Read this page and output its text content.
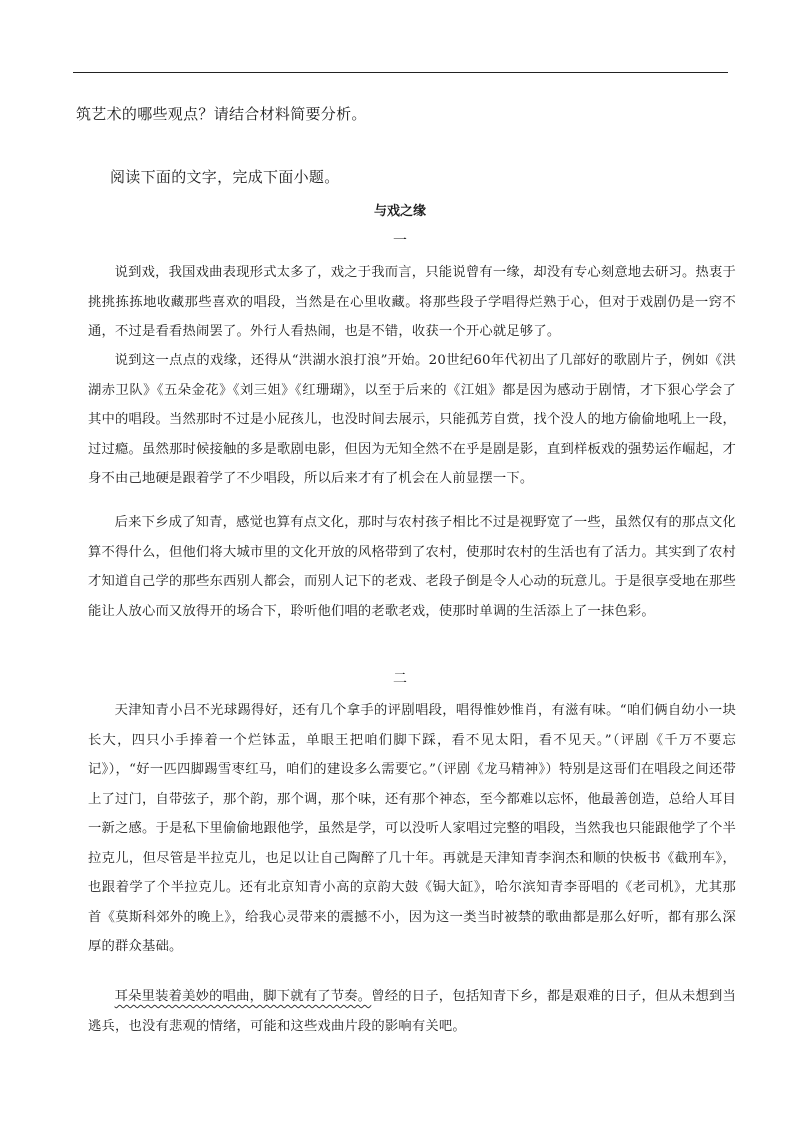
筑艺术的哪些观点？请结合材料简要分析。
阅读下面的文字，完成下面小题。
与戏之缘
一

说到戏，我国戏曲表现形式太多了，戏之于我而言，只能说曾有一缘，却没有专心刻意地去研习。热衷于挑挑拣拣地收藏那些喜欢的唱段，当然是在心里收藏。将那些段子学唱得烂熟于心，但对于戏剧仍是一窍不通，不过是看看热闹罢了。外行人看热闹，也是不错，收获一个开心就足够了。

说到这一点点的戏缘，还得从“洪湖水浪打浪”开始。20世纪60年代初出了几部好的歌剧片子，例如《洪湖赤卫队》《五朵金花》《刘三姐》《红珊瑚》，以至于后来的《江姐》都是因为感动于剧情，才下狠心学会了其中的唱段。当然那时不过是小屁孩儿，也没时间去展示，只能孤芳自赏，找个没人的地方偷偷地吼上一段，过过瘾。虽然那时候接触的多是歌剧电影，但因为无知全然不在乎是剧是影，直到样板戏的强势运作崛起，才身不由己地硬是跟着学了不少唱段，所以后来才有了机会在人前显摆一下。

后来下乡成了知青，感觉也算有点文化，那时与农村孩子相比不过是视野宽了一些，虽然仅有的那点文化算不得什么，但他们将大城市里的文化开放的风格带到了农村，使那时农村的生活也有了活力。其实到了农村才知道自己学的那些东西别人都会，而别人记下的老戏、老段子倒是令人心动的玩意儿。于是很享受地在那些能让人放心而又放得开的场合下，聆听他们唱的老歌老戏，使那时单调的生活添上了一抹色彩。

二

天津知青小吕不光球踢得好，还有几个拿手的评剧唱段，唱得惟妙惟肖，有滋有味。“咱们俩自幼小一块长大，四只小手捧着一个烂钵盂，单眼王把咱们脚下踩，看不见太阳，看不见天。”（评剧《千万不要忘记》），“好一匹四脚踢雪枣红马，咱们的建设多么需要它。”（评剧《龙马精神》）特别是这哥们在唱段之间还带上了过门，自带弦子，那个韵，那个调，那个味，还有那个神态，至今都难以忘怀，他最善创造，总给人耳目一新之感。于是私下里偷偷地跟他学，虽然是学，可以没听人家唱过完整的唱段，当然我也只能跟他学了个半拉克儿，但尽管是半拉克儿，也足以让自己陶醉了几十年。再就是天津知青李润杰和顺的快板书《截刑车》，也跟着学了个半拉克儿。还有北京知青小高的京韵大鼓《锔大缸》，哈尔滨知青李哥唱的《老司机》，尤其那首《莫斯科郊外的晚上》，给我心灵带来的震撼不小，因为这一类当时被禁的歌曲都是那么好听，都有那么深厚的群众基础。

耳朵里装着美妙的唱曲，脚下就有了节奏。曾经的日子，包括知青下乡，都是艰难的日子，但从未想到当逃兵，也没有悲观的情绪，可能和这些戏曲片段的影响有关吧。
